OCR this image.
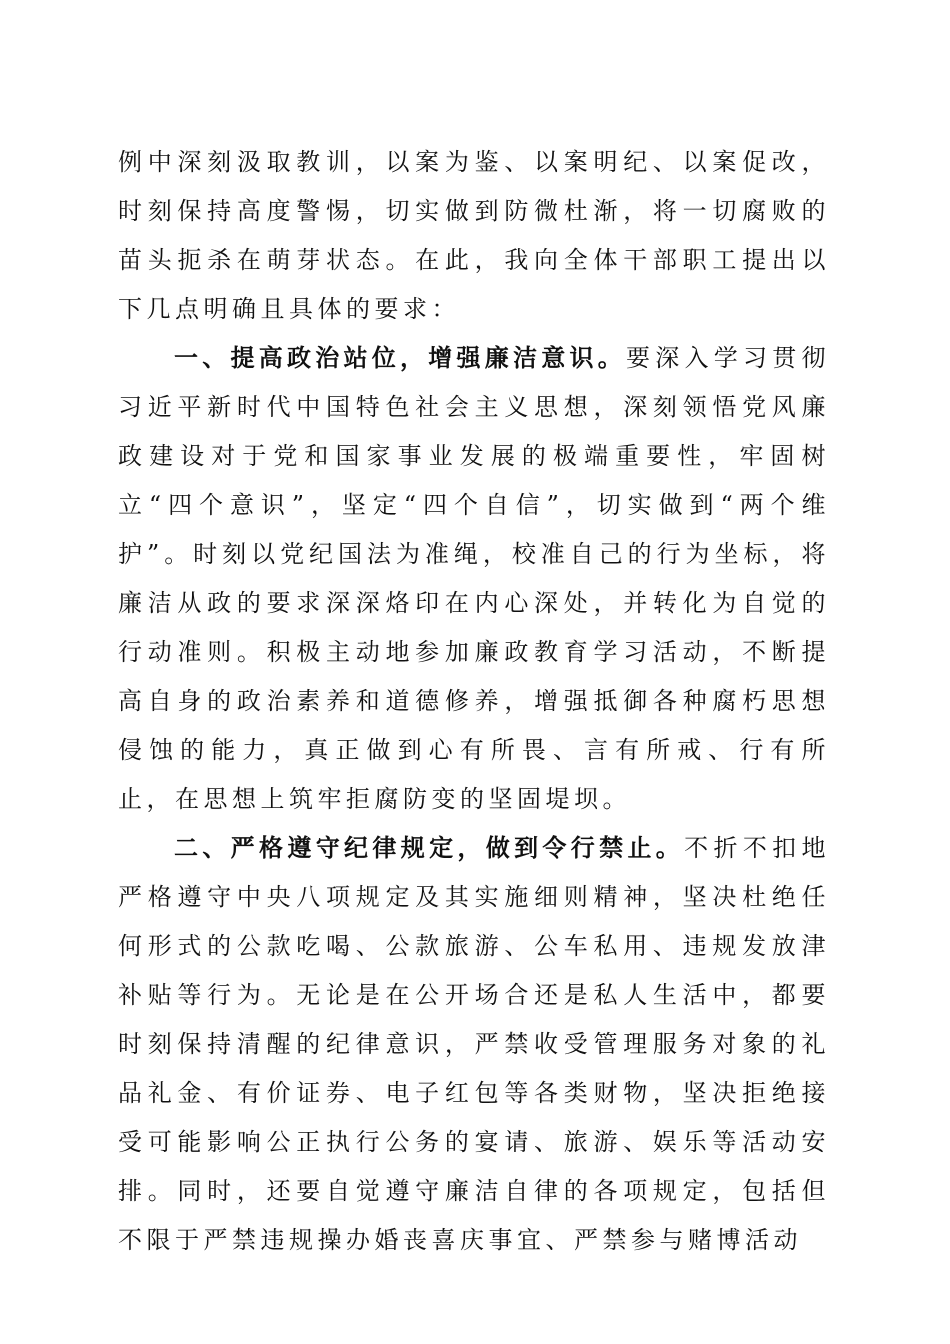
例中深刻汲取教训，以案为鉴、以案明纪、以案促改，时刻保持高度警惕，切实做到防微杜渐，将一切腐败的苗头扼杀在萌芽状态。在此，我向全体干部职工提出以下几点明确且具体的要求：

一、提高政治站位，增强廉洁意识。要深入学习贯彻习近平新时代中国特色社会主义思想，深刻领悟党风廉政建设对于党和国家事业发展的极端重要性，牢固树立“四个意识”，坚定“四个自信”，切实做到“两个维护”。时刻以党纪国法为准绳，校准自己的行为坐标，将廉洁从政的要求深深烙印在内心深处，并转化为自觉的行动准则。积极主动地参加廉政教育学习活动，不断提高自身的政治素养和道德修养，增强抵御各种腐朽思想侵蚀的能力，真正做到心有所畏、言有所戒、行有所止，在思想上筑牢拒腐防变的坚固堤坝。

二、严格遵守纪律规定，做到令行禁止。不折不扣地严格遵守中央八项规定及其实施细则精神，坚决杜绝任何形式的公款吃喝、公款旅游、公车私用、违规发放津补贴等行为。无论是在公开场合还是私人生活中，都要时刻保持清醒的纪律意识，严禁收受管理服务对象的礼品礼金、有价证券、电子红包等各类财物，坚决拒绝接受可能影响公正执行公务的宴请、旅游、娱乐等活动安排。同时，还要自觉遵守廉洁自律的各项规定，包括但不限于严禁违规操办婚丧喜庆事宜、严禁参与赌博活动
